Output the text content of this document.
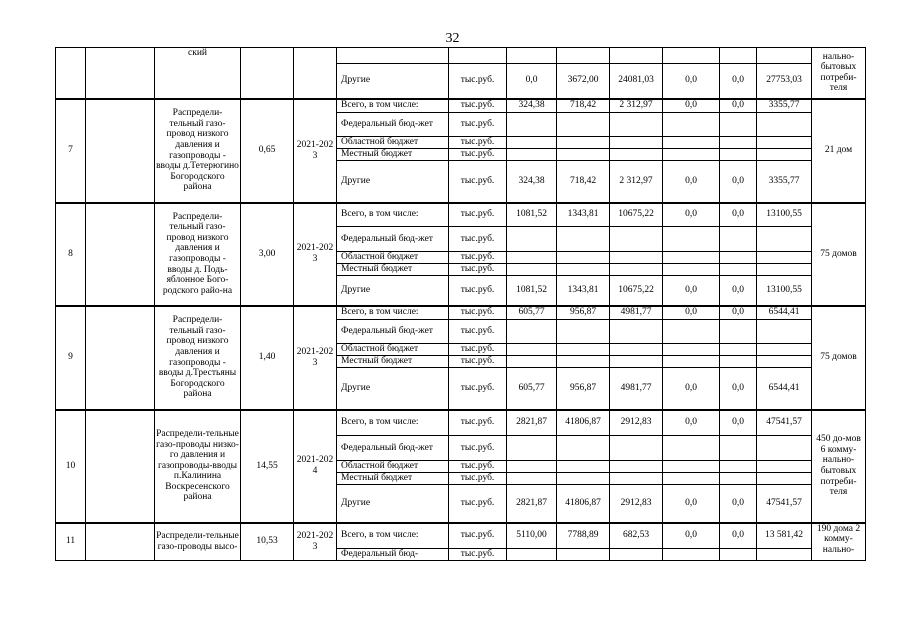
32
		ский											нально-бытовых потреби-теля
					Другие	тыс.руб.	0,0	3672,00	24081,03	0,0	0,0	27753,03	
7		Распредели-тельный газо-провод низкого давления и газопроводы - вводы д.Тетерюгино Богородского района	0,65	2021-2023	Всего, в том числе:	тыс.руб.	324,38	718,42	2 312,97	0,0	0,0	3355,77	21 дом
					Федеральный бюд-жет	тыс.руб.							
					Областной бюджет	тыс.руб.							
					Местный бюджет	тыс.руб.							
					Другие	тыс.руб.	324,38	718,42	2 312,97	0,0	0,0	3355,77	
8		Распредели-тельный газо-провод низкого давления и газопроводы - вводы д. Подь-яблонное Бого-родского райо-на	3,00	2021-2023	Всего, в том числе:	тыс.руб.	1081,52	1343,81	10675,22	0,0	0,0	13100,55	75 домов
					Федеральный бюд-жет	тыс.руб.							
					Областной бюджет	тыс.руб.							
					Местный бюджет	тыс.руб.							
					Другие	тыс.руб.	1081,52	1343,81	10675,22	0,0	0,0	13100,55	
9		Распредели-тельный газо-провод низкого давления и газопроводы - вводы д.Трестьяны Богородского района	1,40	2021-2023	Всего, в том числе:	тыс.руб.	605,77	956,87	4981,77	0,0	0,0	6544,41	75 домов
					Федеральный бюд-жет	тыс.руб.							
					Областной бюджет	тыс.руб.							
					Местный бюджет	тыс.руб.							
					Другие	тыс.руб.	605,77	956,87	4981,77	0,0	0,0	6544,41	
10		Распредели-тельные газо-проводы низко-го давления и газопроводы-вводы п.Калинина Воскресенского района	14,55	2021-2024	Всего, в том числе:	тыс.руб.	2821,87	41806,87	2912,83	0,0	0,0	47541,57	450 до-мов 6 комму-нально-бытовых потреби-теля
					Федеральный бюд-жет	тыс.руб.							
					Областной бюджет	тыс.руб.							
					Местный бюджет	тыс.руб.							
					Другие	тыс.руб.	2821,87	41806,87	2912,83	0,0	0,0	47541,57	
11		Распредели-тельные газо-проводы высо-	10,53	2021-2023	Всего, в том числе:	тыс.руб.	5110,00	7788,89	682,53	0,0	0,0	13 581,42	190 дома 2 комму-нально-
					Федеральный бюд-	тыс.руб.							
